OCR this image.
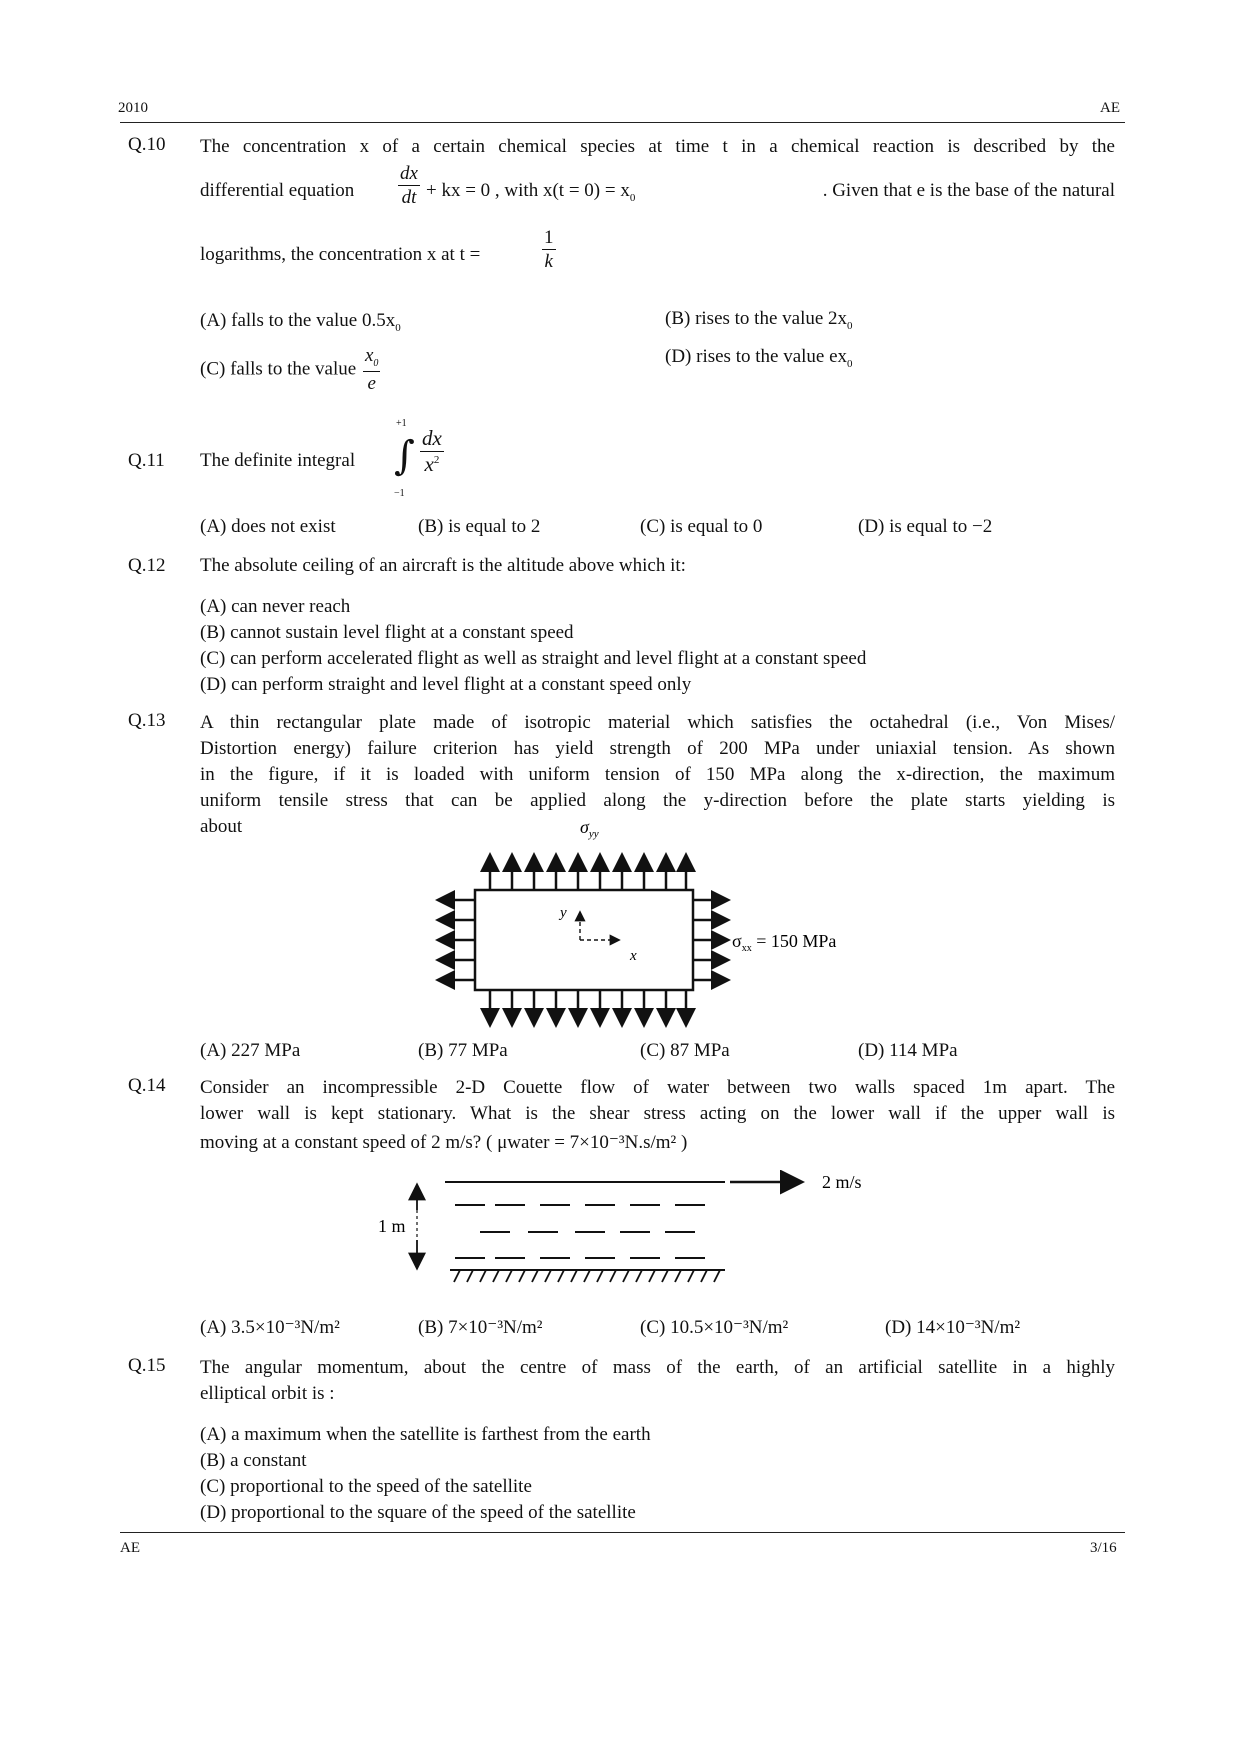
2010	AE
Q.10 The concentration x of a certain chemical species at time t in a chemical reaction is described by the
differential equation $\frac{dx}{dt}$ + kx = 0 , with $x(t = 0) = x_0$	. Given that e is the base of the natural
logarithms, the concentration x at t =	$\frac{1}{k}$
(A) falls to the value $0.5x_0$	(B) rises to the value $2x_0$
(C) falls to the value $\frac{x_0}{e}$	(D) rises to the value $ex_0$
Q.11 The definite integral
+1
∫
−1
$\frac{dx}{x^2}$
(A) does not exist	(B) is equal to 2	(C) is equal to 0	(D) is equal to −2
Q.12 The absolute ceiling of an aircraft is the altitude above which it:
(A) can never reach
(B) cannot sustain level flight at a constant speed
(C) can perform accelerated flight as well as straight and level flight at a constant speed
(D) can perform straight and level flight at a constant speed only
Q.13 A thin rectangular plate made of isotropic material which satisfies the octahedral (i.e., Von Mises/
Distortion energy) failure criterion has yield strength of 200 MPa under uniaxial tension. As shown
in the figure, if it is loaded with uniform tension of 150 MPa along the x-direction, the maximum
uniform tensile stress that can be applied along the y-direction before the plate starts yielding is
about	$\sigma_{yy}$
y
x
$\sigma_{xx} = 150$ MPa
(A) 227 MPa	(B) 77 MPa	(C) 87 MPa	(D) 114 MPa
Q.14 Consider an incompressible 2-D Couette flow of water between two walls spaced 1m apart. The
lower wall is kept stationary. What is the shear stress acting on the lower wall if the upper wall is
moving at a constant speed of 2 m/s? ( μwater = 7×10⁻³N.s/m² )
2 m/s
1 m
(A) 3.5×10⁻³N/m²	(B) 7×10⁻³N/m²	(C) 10.5×10⁻³N/m²	(D) 14×10⁻³N/m²
Q.15 The angular momentum, about the centre of mass of the earth, of an artificial satellite in a highly
elliptical orbit is :
(A) a maximum when the satellite is farthest from the earth
(B) a constant
(C) proportional to the speed of the satellite
(D) proportional to the square of the speed of the satellite
AE	3/16
